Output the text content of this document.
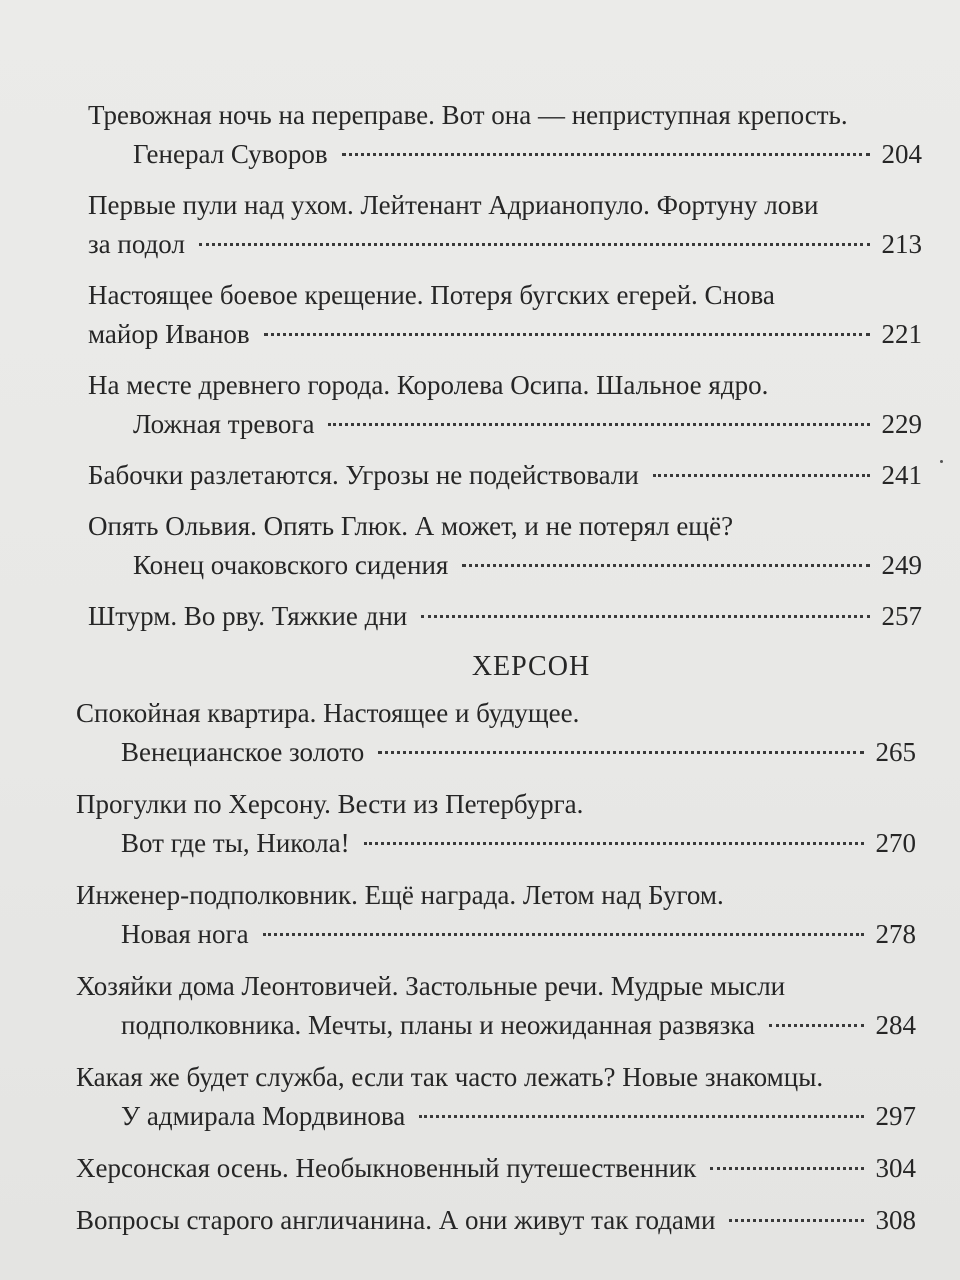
Тревожная ночь на переправе. Вот она — неприступная крепость.
Генерал Суворов	204
Первые пули над ухом. Лейтенант Адрианопуло. Фортуну лови
за подол	213
Настоящее боевое крещение. Потеря бугских егерей. Снова
майор Иванов	221
На месте древнего города. Королева Осипа. Шальное ядро.
Ложная тревога	229
Бабочки разлетаются. Угрозы не подействовали	241
Опять Ольвия. Опять Глюк. А может, и не потерял ещё?
Конец очаковского сидения	249
Штурм. Во рву. Тяжкие дни	257
ХЕРСОН
Спокойная квартира. Настоящее и будущее.
Венецианское золото	265
Прогулки по Херсону. Вести из Петербурга.
Вот где ты, Никола!	270
Инженер-подполковник. Ещё награда. Летом над Бугом.
Новая нога	278
Хозяйки дома Леонтовичей. Застольные речи. Мудрые мысли
подполковника. Мечты, планы и неожиданная развязка	284
Какая же будет служба, если так часто лежать? Новые знакомцы.
У адмирала Мордвинова	297
Херсонская осень. Необыкновенный путешественник	304
Вопросы старого англичанина. А они живут так годами	308
